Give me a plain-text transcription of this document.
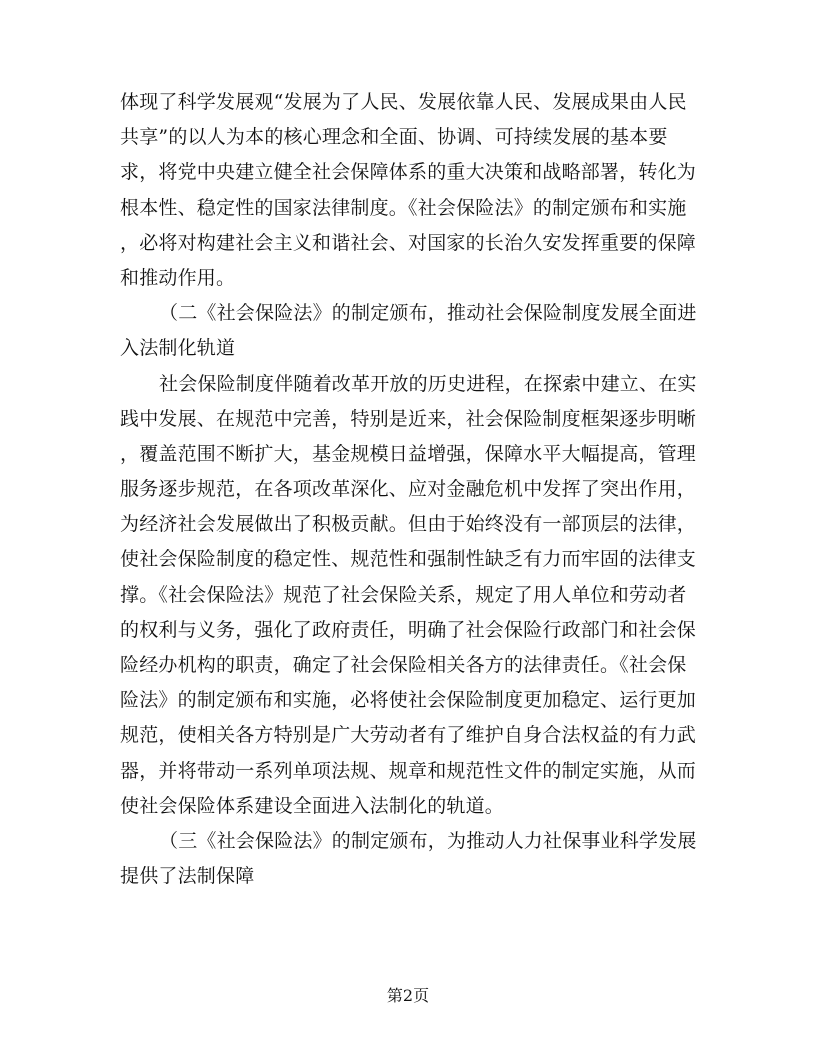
体现了科学发展观“发展为了人民、发展依靠人民、发展成果由人民
共享”的以人为本的核心理念和全面、协调、可持续发展的基本要
求，将党中央建立健全社会保障体系的重大决策和战略部署，转化为
根本性、稳定性的国家法律制度。《社会保险法》的制定颁布和实施
，必将对构建社会主义和谐社会、对国家的长治久安发挥重要的保障
和推动作用。
（二《社会保险法》的制定颁布，推动社会保险制度发展全面进
入法制化轨道
社会保险制度伴随着改革开放的历史进程，在探索中建立、在实
践中发展、在规范中完善，特别是近来，社会保险制度框架逐步明晰
，覆盖范围不断扩大，基金规模日益增强，保障水平大幅提高，管理
服务逐步规范，在各项改革深化、应对金融危机中发挥了突出作用，
为经济社会发展做出了积极贡献。但由于始终没有一部顶层的法律，
使社会保险制度的稳定性、规范性和强制性缺乏有力而牢固的法律支
撑。《社会保险法》规范了社会保险关系，规定了用人单位和劳动者
的权利与义务，强化了政府责任，明确了社会保险行政部门和社会保
险经办机构的职责，确定了社会保险相关各方的法律责任。《社会保
险法》的制定颁布和实施，必将使社会保险制度更加稳定、运行更加
规范，使相关各方特别是广大劳动者有了维护自身合法权益的有力武
器，并将带动一系列单项法规、规章和规范性文件的制定实施，从而
使社会保险体系建设全面进入法制化的轨道。
（三《社会保险法》的制定颁布，为推动人力社保事业科学发展
提供了法制保障
第2页
